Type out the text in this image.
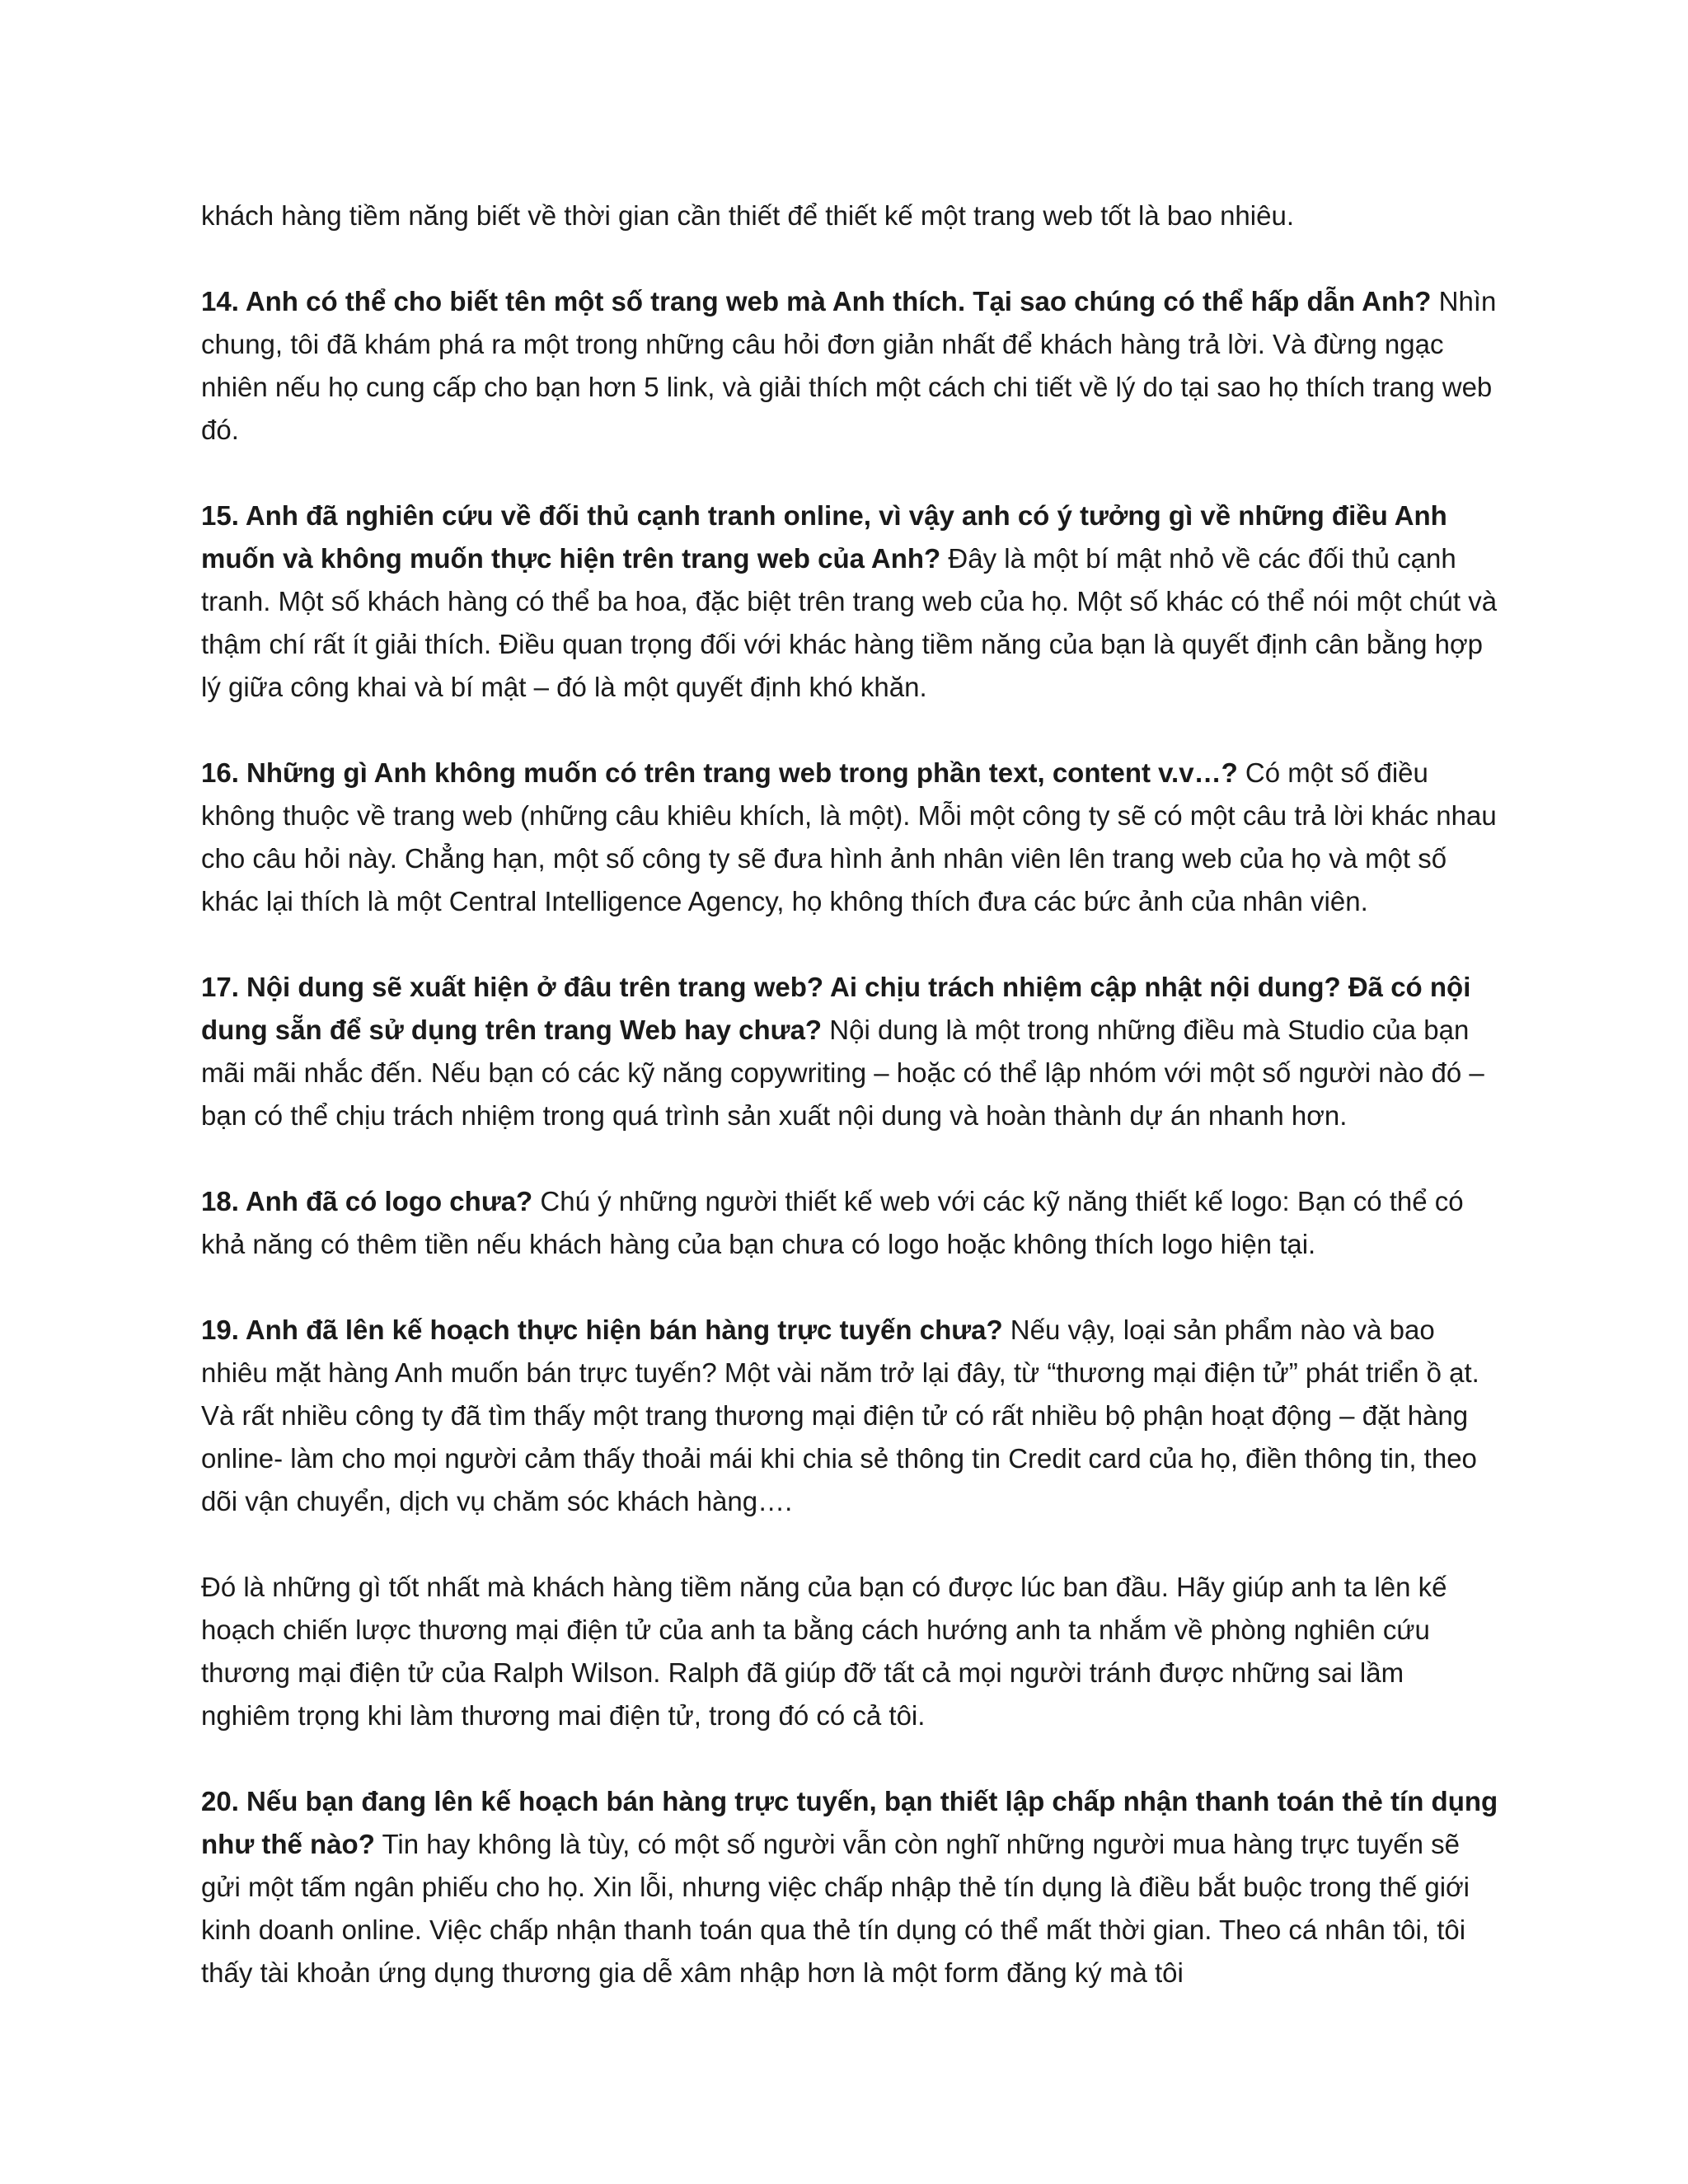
khách hàng tiềm năng biết về thời gian cần thiết để thiết kế một trang web tốt là bao nhiêu.

14. Anh có thể cho biết tên một số trang web mà Anh thích. Tại sao chúng có thể hấp dẫn Anh? Nhìn chung, tôi đã khám phá ra một trong những câu hỏi đơn giản nhất để khách hàng trả lời. Và đừng ngạc nhiên nếu họ cung cấp cho bạn hơn 5 link, và giải thích một cách chi tiết về lý do tại sao họ thích trang web đó.

15. Anh đã nghiên cứu về đối thủ cạnh tranh online, vì vậy anh có ý tưởng gì về những điều Anh muốn và không muốn thực hiện trên trang web của Anh? Đây là một bí mật nhỏ về các đối thủ cạnh tranh. Một số khách hàng có thể ba hoa, đặc biệt trên trang web của họ. Một số khác có thể nói một chút và thậm chí rất ít giải thích. Điều quan trọng đối với khác hàng tiềm năng của bạn là quyết định cân bằng hợp lý giữa công khai và bí mật – đó là một quyết định khó khăn.

16. Những gì Anh không muốn có trên trang web trong phần text, content v.v…? Có một số điều không thuộc về trang web (những câu khiêu khích, là một). Mỗi một công ty sẽ có một câu trả lời khác nhau cho câu hỏi này. Chẳng hạn, một số công ty sẽ đưa hình ảnh nhân viên lên trang web của họ và một số khác lại thích là một Central Intelligence Agency, họ không thích đưa các bức ảnh của nhân viên.

17. Nội dung sẽ xuất hiện ở đâu trên trang web? Ai chịu trách nhiệm cập nhật nội dung? Đã có nội dung sẵn để sử dụng trên trang Web hay chưa? Nội dung là một trong những điều mà Studio của bạn mãi mãi nhắc đến. Nếu bạn có các kỹ năng copywriting – hoặc có thể lập nhóm với một số người nào đó – bạn có thể chịu trách nhiệm trong quá trình sản xuất nội dung và hoàn thành dự án nhanh hơn.

18. Anh đã có logo chưa? Chú ý những người thiết kế web với các kỹ năng thiết kế logo: Bạn có thể có khả năng có thêm tiền nếu khách hàng của bạn chưa có logo hoặc không thích logo hiện tại.

19. Anh đã lên kế hoạch thực hiện bán hàng trực tuyến chưa? Nếu vậy, loại sản phẩm nào và bao nhiêu mặt hàng Anh muốn bán trực tuyến? Một vài năm trở lại đây, từ “thương mại điện tử” phát triển ồ ạt. Và rất nhiều công ty đã tìm thấy một trang thương mại điện tử có rất nhiều bộ phận hoạt động – đặt hàng online- làm cho mọi người cảm thấy thoải mái khi chia sẻ thông tin Credit card của họ, điền thông tin, theo dõi vận chuyển, dịch vụ chăm sóc khách hàng….

Đó là những gì tốt nhất mà khách hàng tiềm năng của bạn có được lúc ban đầu. Hãy giúp anh ta lên kế hoạch chiến lược thương mại điện tử của anh ta bằng cách hướng anh ta nhắm về phòng nghiên cứu thương mại điện tử của Ralph Wilson. Ralph đã giúp đỡ tất cả mọi người tránh được những sai lầm nghiêm trọng khi làm thương mai điện tử, trong đó có cả tôi.

20. Nếu bạn đang lên kế hoạch bán hàng trực tuyến, bạn thiết lập chấp nhận thanh toán thẻ tín dụng như thế nào? Tin hay không là tùy, có một số người vẫn còn nghĩ những người mua hàng trực tuyến sẽ gửi một tấm ngân phiếu cho họ. Xin lỗi, nhưng việc chấp nhập thẻ tín dụng là điều bắt buộc trong thế giới kinh doanh online. Việc chấp nhận thanh toán qua thẻ tín dụng có thể mất thời gian. Theo cá nhân tôi, tôi thấy tài khoản ứng dụng thương gia dễ xâm nhập hơn là một form đăng ký mà tôi
